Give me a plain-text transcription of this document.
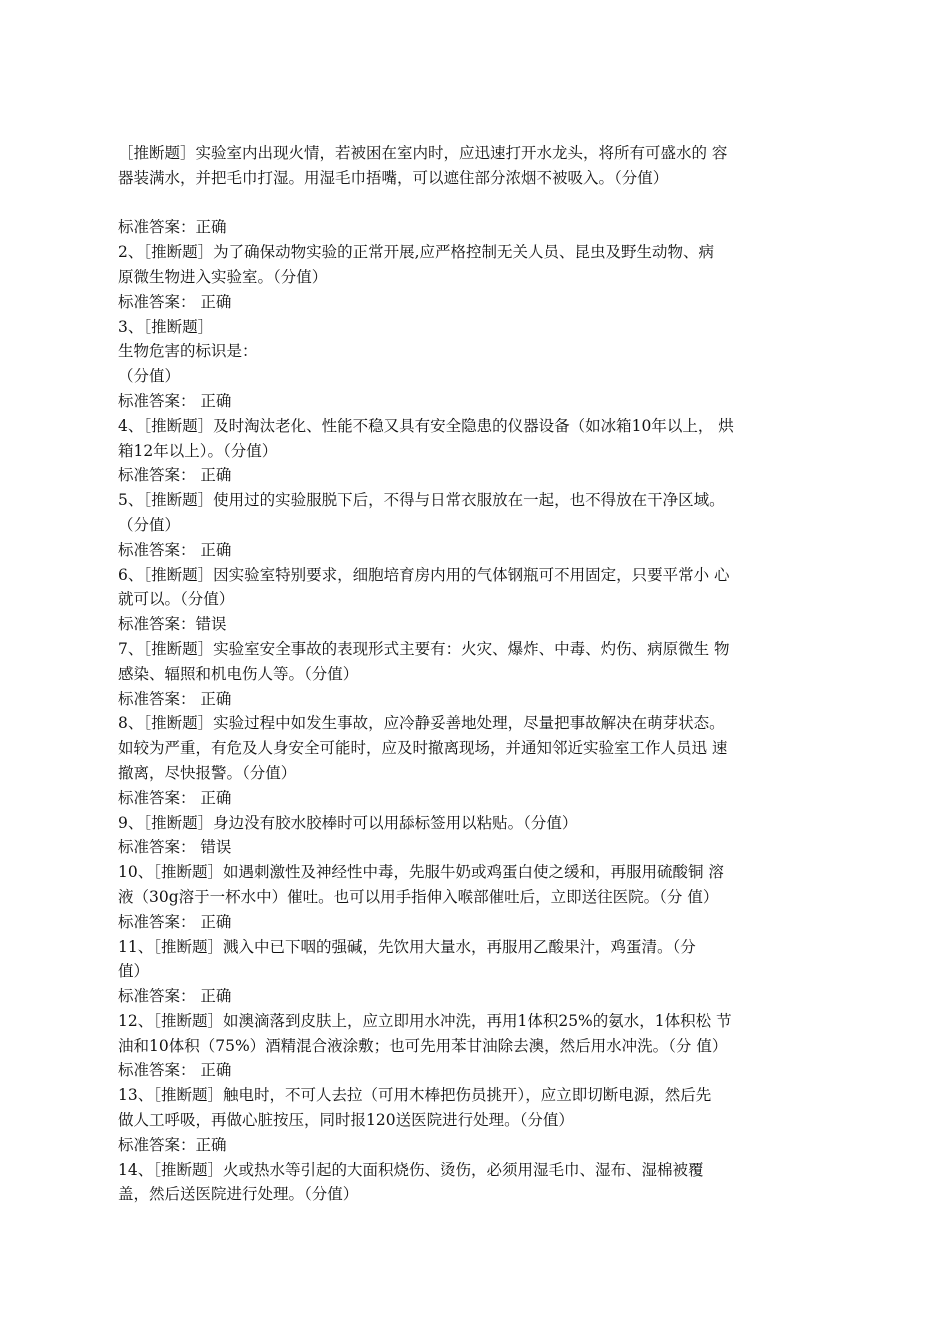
［推断题］实验室内出现火情，若被困在室内时，应迅速打开水龙头，将所有可盛水的 容
器装满水，并把毛巾打湿。用湿毛巾捂嘴，可以遮住部分浓烟不被吸入。（分值）
标准答案：正确
2、［推断题］为了确保动物实验的正常开展,应严格控制无关人员、昆虫及野生动物、病
原微生物进入实验室。（分值）
标准答案： 正确
3、［推断题］
生物危害的标识是：
（分值）
标准答案： 正确
4、［推断题］及时淘汰老化、性能不稳又具有安全隐患的仪器设备（如冰箱10年以上， 烘
箱12年以上）。（分值）
标准答案： 正确
5、［推断题］使用过的实验服脱下后，不得与日常衣服放在一起，也不得放在干净区域。
（分值）
标准答案： 正确
6、［推断题］因实验室特别要求，细胞培育房内用的气体钢瓶可不用固定，只要平常小 心
就可以。（分值）
标准答案：错误
7、［推断题］实验室安全事故的表现形式主要有：火灾、爆炸、中毒、灼伤、病原微生 物
感染、辐照和机电伤人等。（分值）
标准答案： 正确
8、［推断题］实验过程中如发生事故，应冷静妥善地处理，尽量把事故解决在萌芽状态。
如较为严重，有危及人身安全可能时，应及时撤离现场，并通知邻近实验室工作人员迅 速
撤离，尽快报警。（分值）
标准答案： 正确
9、［推断题］身边没有胶水胶棒时可以用舔标签用以粘贴。（分值）
标准答案： 错误
10、［推断题］如遇刺激性及神经性中毒，先服牛奶或鸡蛋白使之缓和，再服用硫酸铜 溶
液（30g溶于一杯水中）催吐。也可以用手指伸入喉部催吐后，立即送往医院。（分 值）
标准答案： 正确
11、［推断题］溅入中已下咽的强碱，先饮用大量水，再服用乙酸果汁，鸡蛋清。（分
值）
标准答案： 正确
12、［推断题］如澳滴落到皮肤上，应立即用水冲洗，再用1体积25%的氨水，1体积松 节
油和10体积（75%）酒精混合液涂敷；也可先用苯甘油除去澳，然后用水冲洗。（分 值）
标准答案： 正确
13、［推断题］触电时，不可人去拉（可用木棒把伤员挑开），应立即切断电源，然后先
做人工呼吸，再做心脏按压，同时报120送医院进行处理。（分值）
标准答案：正确
14、［推断题］火或热水等引起的大面积烧伤、烫伤，必须用湿毛巾、湿布、湿棉被覆
盖，然后送医院进行处理。（分值）
